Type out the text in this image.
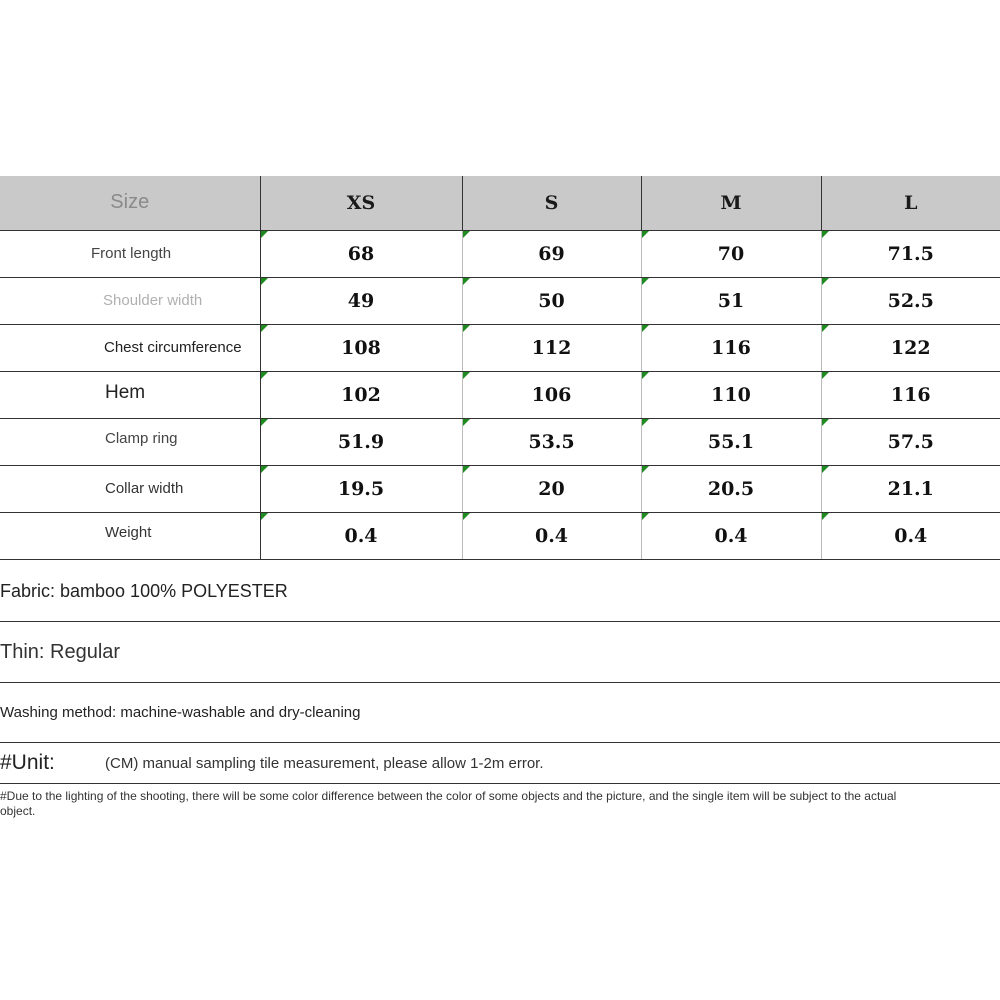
Size	XS	S	M	L
Front length	68	69	70	71.5
Shoulder width	49	50	51	52.5
Chest circumference	108	112	116	122
Hem	102	106	110	116
Clamp ring	51.9	53.5	55.1	57.5
Collar width	19.5	20	20.5	21.1
Weight	0.4	0.4	0.4	0.4
Fabric: bamboo 100% POLYESTER
Thin: Regular
Washing method: machine-washable and dry-cleaning
#Unit:	(CM) manual sampling tile measurement, please allow 1-2m error.
#Due to the lighting of the shooting, there will be some color difference between the color of some objects and the picture, and the single item will be subject to the actual object.
